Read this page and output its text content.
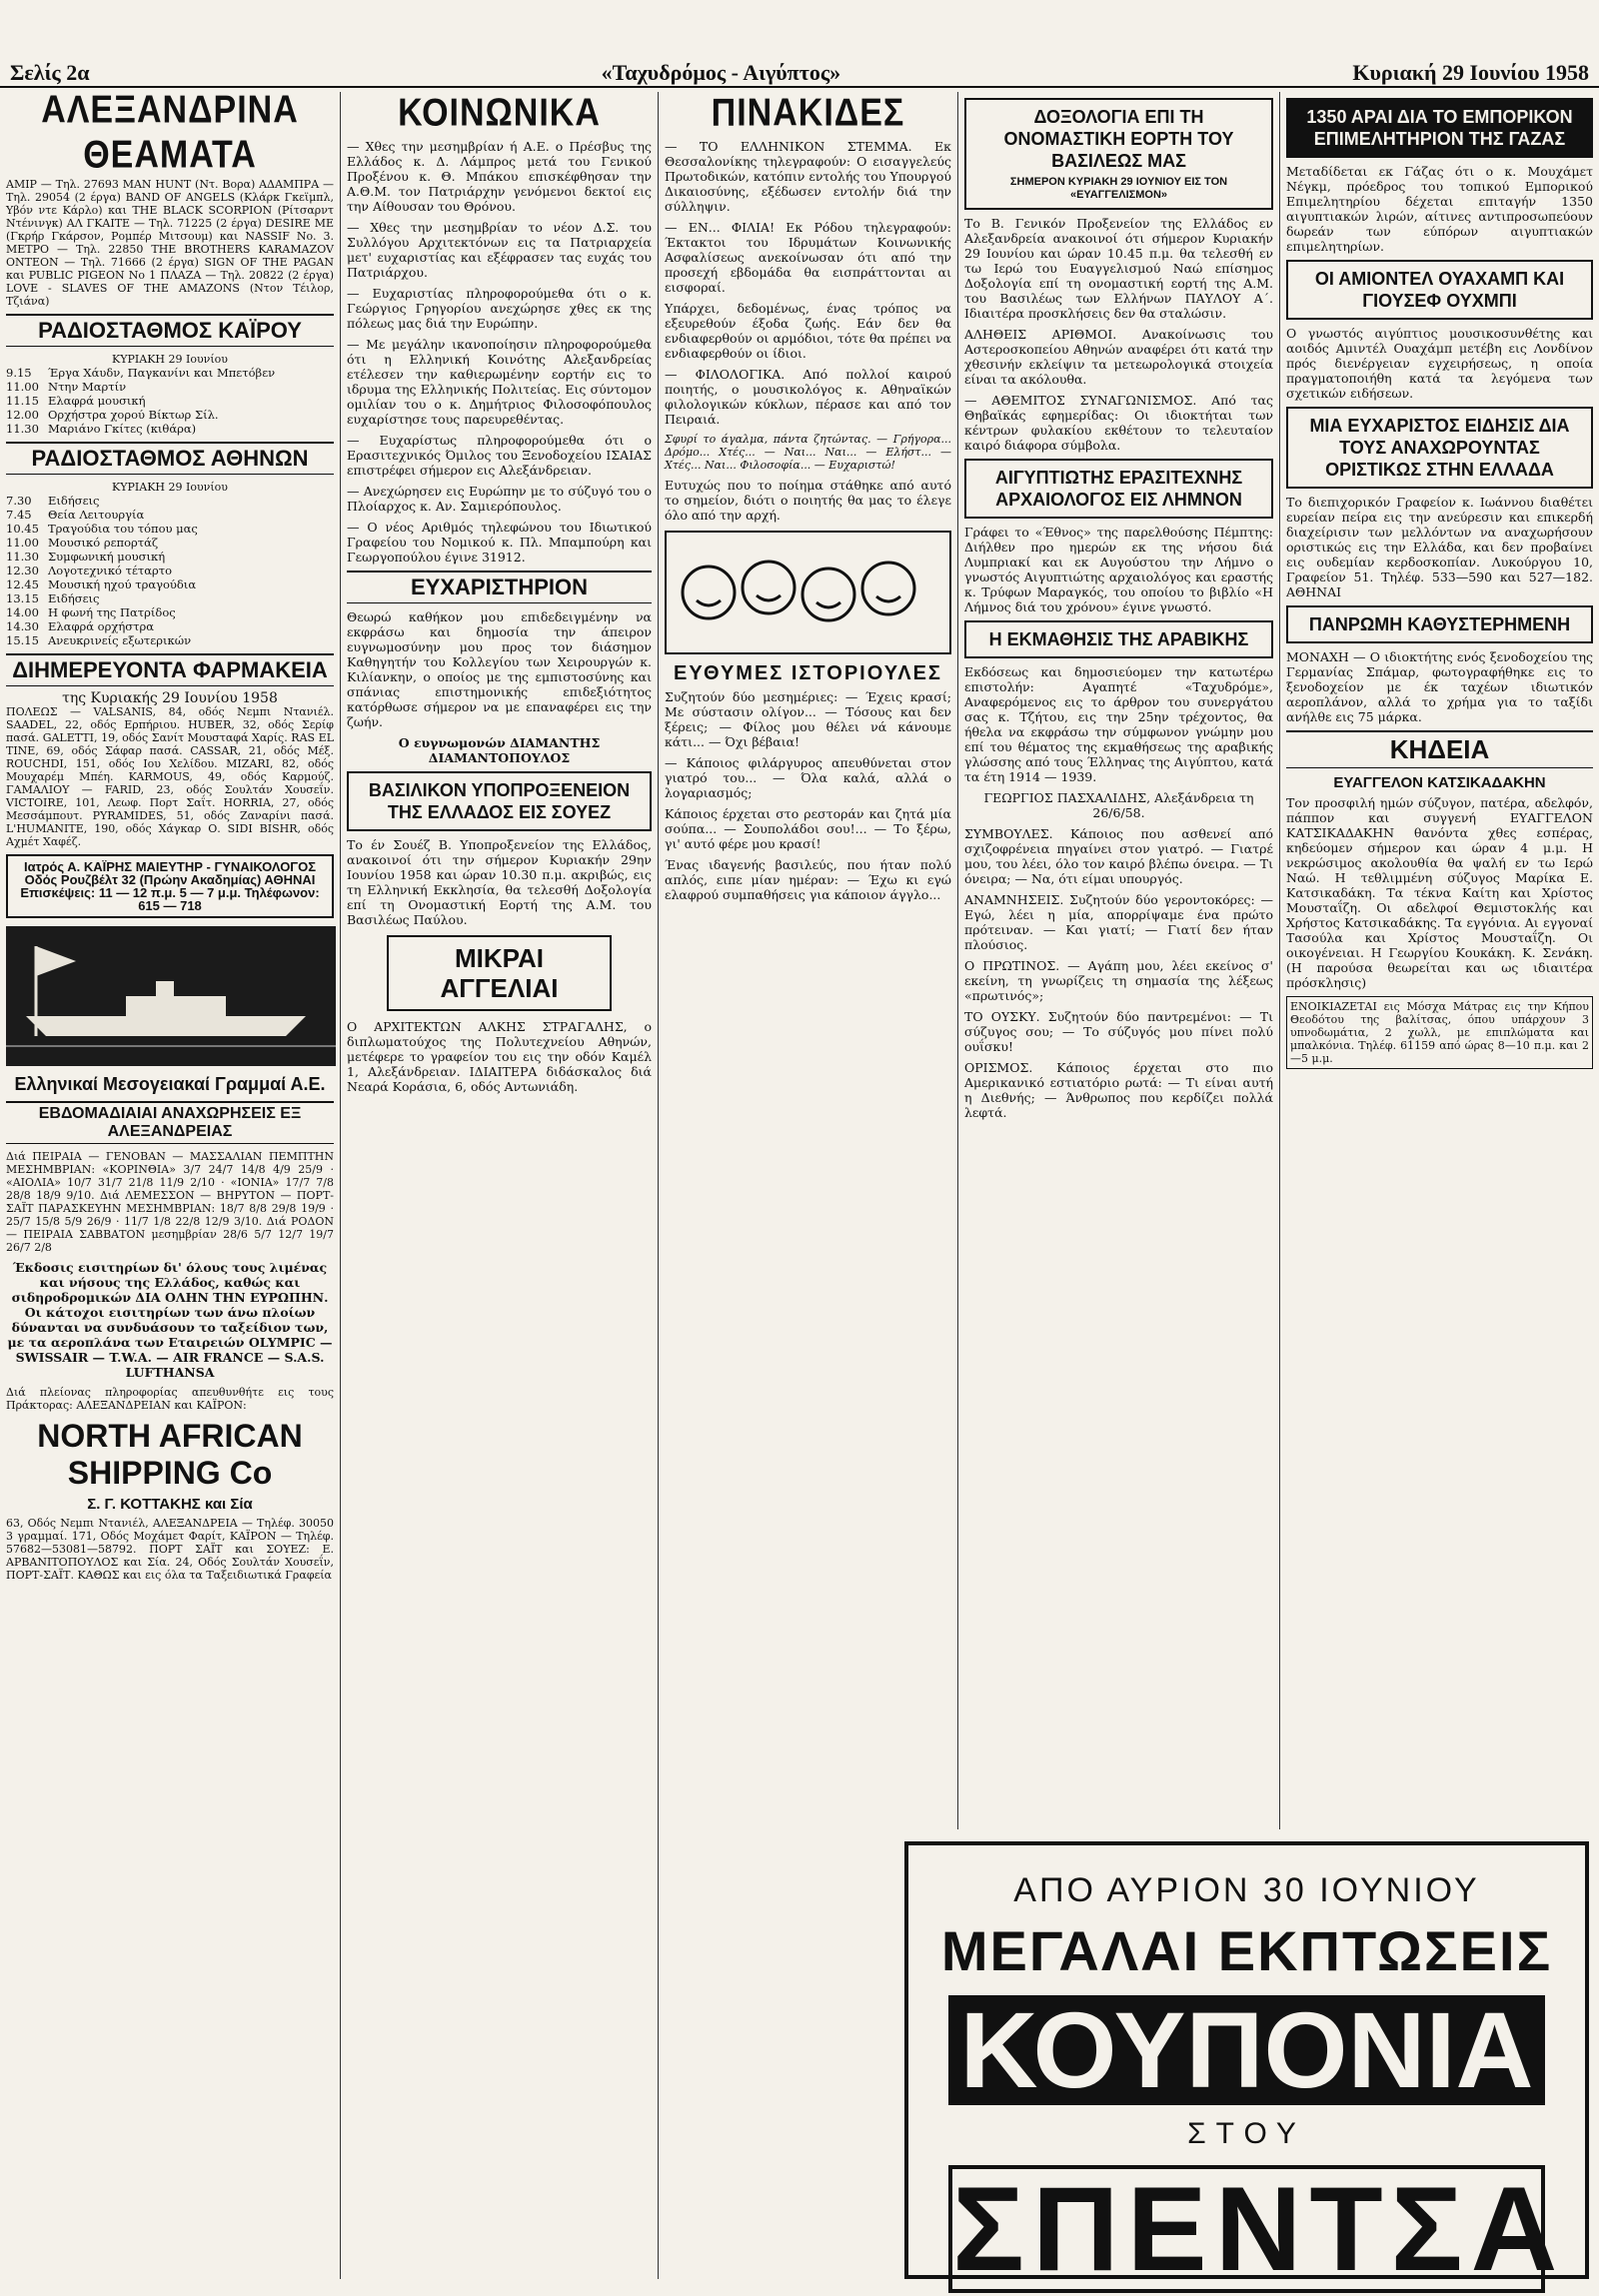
Σελίς 2α	«Ταχυδρόμος - Αιγύπτος»	Κυριακή 29 Ιουνίου 1958
ΑΛΕΞΑΝΔΡΙΝΑ ΘΕΑΜΑΤΑ

ΑΜΙΡ — Τηλ. 27693 MAN HUNT (Ντ. Βορα) ΑΔΑΜΠΡΑ — Τηλ. 29054 (2 έργα) BAND OF ANGELS (Κλάρκ Γκεϊμπλ, Υβόν ντε Κάρλο) και THE BLACK SCORPION (Ρίτσαρντ Ντένινγκ) ΑΛ ΓΚΑΙΤΕ — Τηλ. 71225 (2 έργα) DESIRE ME (Γκρήρ Γκάρσον, Ρομπέρ Μιτσουμ) και NASSIF No. 3. ΜΕΤΡΟ — Τηλ. 22850 THE BROTHERS KARAMAZOV ΟΝΤΕΟΝ — Τηλ. 71666 (2 έργα) SIGN OF THE PAGAN και PUBLIC PIGEON No 1 ΠΛΑΖΑ — Τηλ. 20822 (2 έργα) LOVE - SLAVES OF THE AMAZONS (Ντον Τέιλορ, Τζιάνα)

ΡΑΔΙΟΣΤΑΘΜΟΣ ΚΑΪΡΟΥ
ΚΥΡΙΑΚΗ 29 Ιουνίου
9.15	Έργα Χάυδν, Παγκανίνι και Μπετόβεν
11.00 Ντην Μαρτίν
11.15 Ελαφρά μουσική
12.00 Ορχήστρα χορού Βίκτωρ Σίλ.
11.30 Μαριάνο Γκίτες (κιθάρα)
ΡΑΔΙΟΣΤΑΘΜΟΣ ΑΘΗΝΩΝ
ΚΥΡΙΑΚΗ 29 Ιουνίου
7.30	Ειδήσεις
7.45	Θεία Λειτουργία
10.45 Τραγούδια του τόπου μας
11.00 Μουσικό ρεπορτάζ
11.30 Συμφωνική μουσική
12.30 Λογοτεχνικό τέταρτο
12.45 Μουσική ηχού τραγούδια
13.15 Ειδήσεις
14.00 Η φωνή της Πατρίδος
14.30 Ελαφρά ορχήστρα
15.15 Ανευκρινείς εξωτερικών
ΔΙΗΜΕΡΕΥΟΝΤΑ ΦΑΡΜΑΚΕΙΑ
της Κυριακής 29 Ιουνίου 1958

ΠΟΛΕΩΣ — VALSANIS, 84, οδός Νεμπι Ντανιέλ. SAADEL, 22, οδός Ερπήριου. HUBER, 32, οδός Σερίφ πασά. GALETTI, 19, οδός Σανίτ Μουσταφά Χαρίς. RAS EL TINE, 69, οδός Σάφαρ πασά. CASSAR, 21, οδός Μέξ. ROUCHDI, 151, οδός Ιου Χελίδου. MIZARI, 82, οδός Μουχαρέμ Μπέη. KARMOUS, 49, οδός Καρμούζ. ΓΑΜΑΛΙΟΥ — FARID, 23, οδός Σουλτάν Χουσεΐν. VICTOIRE, 101, Λεωφ. Πορτ Σαΐτ. HORRIA, 27, οδός Μεσσάμπουτ. PYRAMIDES, 51, οδός Ζαναρίνι πασά. L'HUMANITE, 190, οδός Χάγκαρ Ο. SIDI BISHR, οδός Αχμέτ Χαφέζ.

Ιατρός Α. ΚΑΪΡΗΣ ΜΑΙΕΥΤΗΡ - ΓΥΝΑΙΚΟΛΟΓΟΣ Οδός Ρουζβέλτ 32 (Πρώην Ακαδημίας) ΑΘΗΝΑΙ Επισκέψεις: 11 — 12 π.μ. 5 — 7 μ.μ. Τηλέφωνον: 615 — 718
Ελληνικαί Μεσογειακαί Γραμμαί Α.Ε.
ΕΒΔΟΜΑΔΙΑΙΑΙ ΑΝΑΧΩΡΗΣΕΙΣ ΕΞ ΑΛΕΞΑΝΔΡΕΙΑΣ

Διά ΠΕΙΡΑΙΑ — ΓΕΝΟΒΑΝ — ΜΑΣΣΑΛΙΑΝ ΠΕΜΠΤΗΝ ΜΕΣΗΜΒΡΙΑΝ: «ΚΟΡΙΝΘΙΑ» 3/7 24/7 14/8 4/9 25/9 · «ΑΙΟΛΙΑ» 10/7 31/7 21/8 11/9 2/10 · «ΙΟΝΙΑ» 17/7 7/8 28/8 18/9 9/10. Διά ΛΕΜΕΣΣΟΝ — ΒΗΡΥΤΟΝ — ΠΟΡΤ-ΣΑΪΤ ΠΑΡΑΣΚΕΥΗΝ ΜΕΣΗΜΒΡΙΑΝ: 18/7 8/8 29/8 19/9 · 25/7 15/8 5/9 26/9 · 11/7 1/8 22/8 12/9 3/10. Διά ΡΟΔΟΝ — ΠΕΙΡΑΙΑ ΣΑΒΒΑΤΟΝ μεσημβρίαν 28/6 5/7 12/7 19/7 26/7 2/8

Έκδοσις εισιτηρίων δι' όλους τους λιμένας και νήσους της Ελλάδος, καθώς και σιδηροδρομικών ΔΙΑ ΟΛΗΝ ΤΗΝ ΕΥΡΩΠΗΝ. Οι κάτοχοι εισιτηρίων των άνω πλοίων δύνανται να συνδυάσουν το ταξείδιον των, με τα αεροπλάνα των Εταιρειών OLYMPIC — SWISSAIR — T.W.A. — AIR FRANCE — S.A.S. LUFTHANSA

Διά πλείονας πληροφορίας απευθυνθήτε εις τους Πράκτορας: ΑΛΕΞΑΝΔΡΕΙΑΝ και ΚΑΪΡΟΝ:

NORTH AFRICAN SHIPPING Co
Σ. Γ. ΚΟΤΤΑΚΗΣ και Σία

63, Οδός Νεμπι Ντανιέλ, ΑΛΕΞΑΝΔΡΕΙΑ — Τηλέφ. 30050 3 γραμμαί. 171, Οδός Μοχάμετ Φαρίτ, ΚΑΪΡΟΝ — Τηλέφ. 57682—53081—58792. ΠΟΡΤ ΣΑΪΤ και ΣΟΥΕΖ: Ε. ΑΡΒΑΝΙΤΟΠΟΥΛΟΣ και Σία. 24, Οδός Σουλτάν Χουσεΐν, ΠΟΡΤ-ΣΑΪΤ. ΚΑΘΩΣ και εις όλα τα Ταξειδιωτικά Γραφεία

ΚΟΙΝΩΝΙΚΑ

— Χθες την μεσημβρίαν ή Α.Ε. ο Πρέσβυς της Ελλάδος κ. Δ. Λάμπρος μετά του Γενικού Προξένου κ. Θ. Μπάκου επισκέφθησαν την Α.Θ.Μ. τον Πατριάρχην γενόμενοι δεκτοί εις την Αίθουσαν του Θρόνου.

— Χθες την μεσημβρίαν το νέον Δ.Σ. του Συλλόγου Αρχιτεκτόνων εις τα Πατριαρχεία μετ' ευχαριστίας και εξέφρασεν τας ευχάς του Πατριάρχου.

— Ευχαριστίας πληροφορούμεθα ότι ο κ. Γεώργιος Γρηγορίου ανεχώρησε χθες εκ της πόλεως μας διά την Ευρώπην.

— Με μεγάλην ικανοποίησιν πληροφορούμεθα ότι η Ελληνική Κοινότης Αλεξανδρείας ετέλεσεν την καθιερωμένην εορτήν εις το ιδρυμα της Ελληνικής Πολιτείας. Εις σύντομον ομιλίαν του ο κ. Δημήτριος Φιλοσοφόπουλος ευχαρίστησε τους παρευρεθέντας.

— Ευχαρίστως πληροφορούμεθα ότι ο Ερασιτεχνικός Όμιλος του Ξενοδοχείου ΙΣΑΙΑΣ επιστρέφει σήμερον εις Αλεξάνδρειαν.

— Ανεχώρησεν εις Ευρώπην με το σύζυγό του ο Πλοίαρχος κ. Αν. Σαμιερόπουλος.

— Ο νέος Αριθμός τηλεφώνου του Ιδιωτικού Γραφείου του Νομικού κ. Πλ. Μπαμπούρη και Γεωργοπούλου έγινε 31912.

ΕΥΧΑΡΙΣΤΗΡΙΟΝ

Θεωρώ καθήκον μου επιδεδειγμένην να εκφράσω και δημοσία την άπειρον ευγνωμοσύνην μου προς τον διάσημον Καθηγητήν του Κολλεγίου των Χειρουργών κ. Κιλίανκην, ο οποίος με της εμπιστοσύνης και σπάνιας επιστημονικής επιδεξιότητος κατόρθωσε σήμερον να με επαναφέρει εις την ζωήν.

Ο ευγνωμονών ΔΙΑΜΑΝΤΗΣ ΔΙΑΜΑΝΤΟΠΟΥΛΟΣ

ΒΑΣΙΛΙΚΟΝ ΥΠΟΠΡΟΞΕΝΕΙΟΝ ΤΗΣ ΕΛΛΑΔΟΣ ΕΙΣ ΣΟΥΕΖ

Το έν Σουέζ Β. Υποπροξενείον της Ελλάδος, ανακοινοί ότι την σήμερον Κυριακήν 29ην Ιουνίου 1958 και ώραν 10.30 π.μ. ακριβώς, εις τη Ελληνική Εκκλησία, θα τελεσθή Δοξολογία επί τη Ονομαστική Εορτή της Α.Μ. του Βασιλέως Παύλου.

ΜΙΚΡΑΙ ΑΓΓΕΛΙΑΙ

Ο ΑΡΧΙΤΕΚΤΩΝ ΑΛΚΗΣ ΣΤΡΑΓΑΛΗΣ, ο διπλωματούχος της Πολυτεχνείου Αθηνών, μετέφερε το γραφείον του εις την οδόν Καμέλ 1, Αλεξάνδρειαν. ΙΔΙΑΙΤΕΡΑ διδάσκαλος διά Νεαρά Κοράσια, 6, οδός Αντωνιάδη.

ΠΙΝΑΚΙΔΕΣ

— ΤΟ ΕΛΛΗΝΙΚΟΝ ΣΤΕΜΜΑ. Εκ Θεσσαλονίκης τηλεγραφούν: Ο εισαγγελεύς Πρωτοδικών, κατόπιν εντολής του Υπουργού Δικαιοσύνης, εξέδωσεν εντολήν διά την σύλληψιν.

— ΕΝ... ΦΙΛΙΑ! Εκ Ρόδου τηλεγραφούν: Έκτακτοι του Ιδρυμάτων Κοινωνικής Ασφαλίσεως ανεκοίνωσαν ότι από την προσεχή εβδομάδα θα εισπράττονται αι εισφοραί.

Υπάρχει, δεδομένως, ένας τρόπος να εξευρεθούν έξοδα ζωής. Εάν δεν θα ενδιαφερθούν οι αρμόδιοι, τότε θα πρέπει να ενδιαφερθούν οι ίδιοι.

— ΦΙΛΟΛΟΓΙΚΑ. Από πολλοί καιρού ποιητής, ο μουσικολόγος κ. Αθηναϊκών φιλολογικών κύκλων, πέρασε και από τον Πειραιά.

Σφυρί το άγαλμα, πάντα ζητώντας. — Γρήγορα... Δρόμο... Χτές... — Ναι... Ναι... — Ελήστ... — Χτές... Ναι... Φιλοσοφία... — Ευχαριστώ!

Ευτυχώς που το ποίημα στάθηκε από αυτό το σημείον, διότι ο ποιητής θα μας το έλεγε όλο από την αρχή.

ΕΥΘΥΜΕΣ ΙΣΤΟΡΙΟΥΛΕΣ

Συζητούν δύο μεσημέριες: — Έχεις κρασί; Με σύστασιν ολίγον... — Τόσους και δεν ξέρεις; — Φίλος μου θέλει νά κάνουμε κάτι... — Όχι βέβαια!

— Κάποιος φιλάργυρος απευθύνεται στον γιατρό του... — Όλα καλά, αλλά ο λογαριασμός;

Κάποιος έρχεται στο ρεστοράν και ζητά μία σούπα... — Σουπολάδοι σου!... — Το ξέρω, γι' αυτό φέρε μου κρασί!

Ένας ιδαγενής βασιλεύς, που ήταν πολύ απλός, ειπε μίαν ημέραν: — Έχω κι εγώ ελαφρού συμπαθήσεις για κάποιον άγγλο...

ΔΟΞΟΛΟΓΙΑ ΕΠΙ ΤΗ ΟΝΟΜΑΣΤΙΚΗ ΕΟΡΤΗ ΤΟΥ ΒΑΣΙΛΕΩΣ ΜΑΣ
ΣΗΜΕΡΟΝ ΚΥΡΙΑΚΗ 29 ΙΟΥΝΙΟΥ ΕΙΣ ΤΟΝ «ΕΥΑΓΓΕΛΙΣΜΟΝ»

Το Β. Γενικόν Προξενείον της Ελλάδος εν Αλεξανδρεία ανακοινοί ότι σήμερον Κυριακήν 29 Ιουνίου και ώραν 10.45 π.μ. θα τελεσθή εν τω Ιερώ του Ευαγγελισμού Ναώ επίσημος Δοξολογία επί τη ονομαστική εορτή της Α.Μ. του Βασιλέως των Ελλήνων ΠΑΥΛΟΥ Α΄. Ιδιαιτέρα προσκλήσεις δεν θα σταλώσιν.

ΑΛΗΘΕΙΣ ΑΡΙΘΜΟΙ. Ανακοίνωσις του Αστεροσκοπείου Αθηνών αναφέρει ότι κατά την χθεσινήν εκλείψιν τα μετεωρολογικά στοιχεία είναι τα ακόλουθα.

— ΑΘΕΜΙΤΟΣ ΣΥΝΑΓΩΝΙΣΜΟΣ. Από τας Θηβαϊκάς εφημερίδας: Οι ιδιοκτήται των κέντρων φυλακίου εκθέτουν το τελευταίον καιρό διάφορα σύμβολα.

ΑΙΓΥΠΤΙΩΤΗΣ ΕΡΑΣΙΤΕΧΝΗΣ ΑΡΧΑΙΟΛΟΓΟΣ ΕΙΣ ΛΗΜΝΟΝ

Γράφει το «Έθνος» της παρελθούσης Πέμπτης: Διήλθεν προ ημερών εκ της νήσου διά Λυμπριακί και εκ Αυγούστου την Λήμνο ο γνωστός Αιγυπτιώτης αρχαιολόγος και εραστής κ. Τρύφων Μαραγκός, του οποίου το βιβλίο «Η Λήμνος διά του χρόνου» έγινε γνωστό.

Η ΕΚΜΑΘΗΣΙΣ ΤΗΣ ΑΡΑΒΙΚΗΣ

Εκδόσεως και δημοσιεύομεν την κατωτέρω επιστολήν: Αγαπητέ «Ταχυδρόμε», Αναφερόμενος εις το άρθρον του συνεργάτου σας κ. Τζήτου, εις την 25ην τρέχοντος, θα ήθελα να εκφράσω την σύμφωνον γνώμην μου επί του θέματος της εκμαθήσεως της αραβικής γλώσσης από τους Έλληνας της Αιγύπτου, κατά τα έτη 1914 — 1939.

ΓΕΩΡΓΙΟΣ ΠΑΣΧΑΛΙΔΗΣ, Αλεξάνδρεια τη 26/6/58.

ΣΥΜΒΟΥΛΕΣ. Κάποιος που ασθενεί από σχιζοφρένεια πηγαίνει στον γιατρό. — Γιατρέ μου, του λέει, όλο τον καιρό βλέπω όνειρα. — Τι όνειρα; — Να, ότι είμαι υπουργός.

ΑΝΑΜΝΗΣΕΙΣ. Συζητούν δύο γεροντοκόρες: — Εγώ, λέει η μία, απορρίψαμε ένα πρώτο πρότειναν. — Και γιατί; — Γιατί δεν ήταν πλούσιος.

Ο ΠΡΩΤΙΝΟΣ. — Αγάπη μου, λέει εκείνος σ' εκείνη, τη γνωρίζεις τη σημασία της λέξεως «πρωτινός»;

ΤΟ ΟΥΣΚΥ. Συζητούν δύο παντρεμένοι: — Τι σύζυγος σου; — Το σύζυγός μου πίνει πολύ ουΐσκυ!

ΟΡΙΣΜΟΣ. Κάποιος έρχεται στο πιο Αμερικανικό εστιατόριο ρωτά: — Τι είναι αυτή η Διεθνής; — Άνθρωπος που κερδίζει πολλά λεφτά.

1350 ΑΡΑΙ ΔΙΑ ΤΟ ΕΜΠΟΡΙΚΟΝ ΕΠΙΜΕΛΗΤΗΡΙΟΝ ΤΗΣ ΓΑΖΑΣ

Μεταδίδεται εκ Γάζας ότι ο κ. Μουχάμετ Νέγκμ, πρόεδρος του τοπικού Εμπορικού Επιμελητηρίου δέχεται επιταγήν 1350 αιγυπτιακών λιρών, αίτινες αντιπροσωπεύουν δωρεάν των εύπόρων αιγυπτιακών επιμελητηρίων.

ΟΙ ΑΜΙΟΝΤΕΛ ΟΥΑΧΑΜΠ ΚΑΙ ΓΙΟΥΣΕΦ ΟΥΧΜΠΙ

Ο γνωστός αιγύπτιος μουσικοσυνθέτης και αοιδός Αμιντέλ Ουαχάμπ μετέβη εις Λονδίνον πρός διενέργειαν εγχειρήσεως, η οποία πραγματοποιήθη κατά τα λεγόμενα των σχετικών ειδήσεων.

ΜΙΑ ΕΥΧΑΡΙΣΤΟΣ ΕΙΔΗΣΙΣ ΔΙΑ ΤΟΥΣ ΑΝΑΧΩΡΟΥΝΤΑΣ ΟΡΙΣΤΙΚΩΣ ΣΤΗΝ ΕΛΛΑΔΑ

Το διεπιχορικόν Γραφείον κ. Ιωάννου διαθέτει ευρείαν πείρα εις την ανεύρεσιν και επικερδή διαχείρισιν των μελλόντων να αναχωρήσουν οριστικώς εις την Ελλάδα, και δεν προβαίνει εις ουδεμίαν κερδοσκοπίαν. Λυκούργου 10, Γραφείον 51. Τηλέφ. 533—590 και 527—182. ΑΘΗΝΑΙ

ΠΑΝΡΩΜΗ ΚΑΘΥΣΤΕΡΗΜΕΝΗ

ΜΟΝΑΧΗ — Ο ιδιοκτήτης ενός ξενοδοχείου της Γερμανίας Σπάμαρ, φωτογραφήθηκε εις το ξενοδοχείον με έκ ταχέων ιδιωτικόν αεροπλάνον, αλλά το χρήμα για το ταξίδι ανήλθε εις 75 μάρκα.

ΚΗΔΕΙΑ
ΕΥΑΓΓΕΛΟΝ ΚΑΤΣΙΚΑΔΑΚΗΝ

Τον προσφιλή ημών σύζυγον, πατέρα, αδελφόν, πάππον και συγγενή ΕΥΑΓΓΕΛΟΝ ΚΑΤΣΙΚΑΔΑΚΗΝ θανόντα χθες εσπέρας, κηδεύομεν σήμερον και ώραν 4 μ.μ. Η νεκρώσιμος ακολουθία θα ψαλή εν τω Ιερώ Ναώ. Η τεθλιμμένη σύζυγος Μαρίκα Ε. Κατσικαδάκη. Τα τέκνα Καίτη και Χρίστος Μουσταΐζη. Οι αδελφοί Θεμιστοκλής και Χρήστος Κατσικαδάκης. Τα εγγόνια. Αι εγγοναί Τασούλα και Χρίστος Μουσταΐζη. Οι οικογένειαι. Η Γεωργίου Κουκάκη. Κ. Σενάκη. (Η παρούσα θεωρείται και ως ιδιαιτέρα πρόσκλησις)

ΕΝΟΙΚΙΑΖΕΤΑΙ εις Μόσχα Μάτρας εις την Κήπου Θεοδότου της βαλίτσας, όπου υπάρχουν 3 υπνοδωμάτια, 2 χωλλ, με επιπλώματα και μπαλκόνια. Τηλέφ. 61159 από ώρας 8—10 π.μ. και 2—5 μ.μ.

ΑΠΟ ΑΥΡΙΟΝ 30 ΙΟΥΝΙΟΥ
ΜΕΓΑΛΑΙ ΕΚΠΤΩΣΕΙΣ
ΚΟΥΠΟΝΙΑ
ΣΤΟΥ
ΣΠΕΝΤΣΑ
